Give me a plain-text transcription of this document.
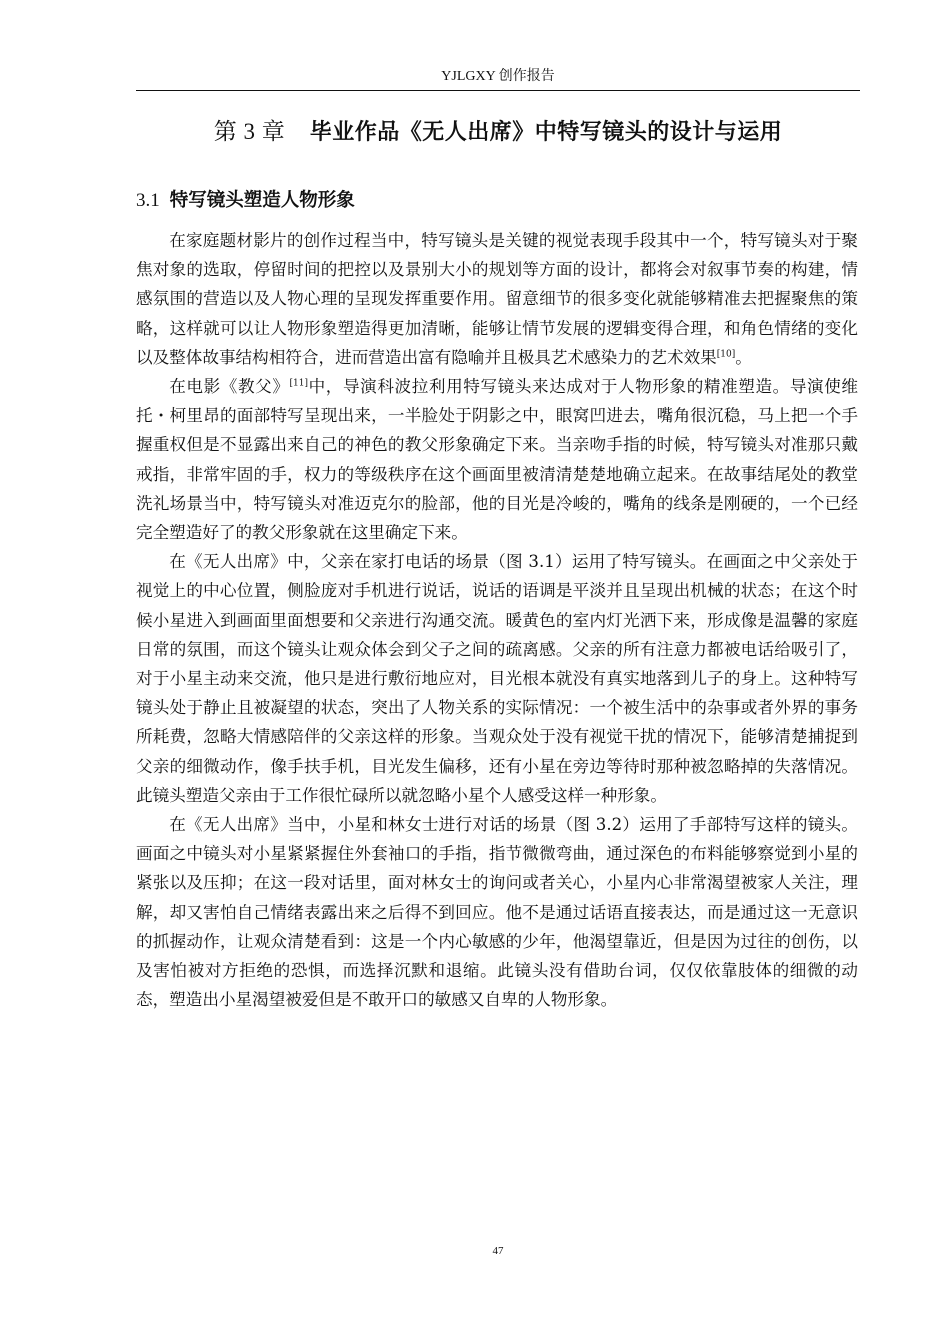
YJLGXY 创作报告
第 3 章 毕业作品《无人出席》中特写镜头的设计与运用
3.1 特写镜头塑造人物形象

在家庭题材影片的创作过程当中，特写镜头是关键的视觉表现手段其中一个，特写镜头对于聚焦对象的选取，停留时间的把控以及景别大小的规划等方面的设计，都将会对叙事节奏的构建，情感氛围的营造以及人物心理的呈现发挥重要作用。留意细节的很多变化就能够精准去把握聚焦的策略，这样就可以让人物形象塑造得更加清晰，能够让情节发展的逻辑变得合理，和角色情绪的变化以及整体故事结构相符合，进而营造出富有隐喻并且极具艺术感染力的艺术效果[10]。

在电影《教父》[11]中，导演科波拉利用特写镜头来达成对于人物形象的精准塑造。导演使维托・柯里昂的面部特写呈现出来，一半脸处于阴影之中，眼窝凹进去，嘴角很沉稳，马上把一个手握重权但是不显露出来自己的神色的教父形象确定下来。当亲吻手指的时候，特写镜头对准那只戴戒指，非常牢固的手，权力的等级秩序在这个画面里被清清楚楚地确立起来。在故事结尾处的教堂洗礼场景当中，特写镜头对准迈克尔的脸部，他的目光是冷峻的，嘴角的线条是刚硬的，一个已经完全塑造好了的教父形象就在这里确定下来。

在《无人出席》中，父亲在家打电话的场景（图 3.1）运用了特写镜头。在画面之中父亲处于视觉上的中心位置，侧脸庞对手机进行说话，说话的语调是平淡并且呈现出机械的状态；在这个时候小星进入到画面里面想要和父亲进行沟通交流。暖黄色的室内灯光洒下来，形成像是温馨的家庭日常的氛围，而这个镜头让观众体会到父子之间的疏离感。父亲的所有注意力都被电话给吸引了，对于小星主动来交流，他只是进行敷衍地应对，目光根本就没有真实地落到儿子的身上。这种特写镜头处于静止且被凝望的状态，突出了人物关系的实际情况：一个被生活中的杂事或者外界的事务所耗费，忽略大情感陪伴的父亲这样的形象。当观众处于没有视觉干扰的情况下，能够清楚捕捉到父亲的细微动作，像手扶手机，目光发生偏移，还有小星在旁边等待时那种被忽略掉的失落情况。此镜头塑造父亲由于工作很忙碌所以就忽略小星个人感受这样一种形象。

在《无人出席》当中，小星和林女士进行对话的场景（图 3.2）运用了手部特写这样的镜头。画面之中镜头对小星紧紧握住外套袖口的手指，指节微微弯曲，通过深色的布料能够察觉到小星的紧张以及压抑；在这一段对话里，面对林女士的询问或者关心，小星内心非常渴望被家人关注，理解，却又害怕自己情绪表露出来之后得不到回应。他不是通过话语直接表达，而是通过这一无意识的抓握动作，让观众清楚看到：这是一个内心敏感的少年，他渴望靠近，但是因为过往的创伤，以及害怕被对方拒绝的恐惧，而选择沉默和退缩。此镜头没有借助台词，仅仅依靠肢体的细微的动态，塑造出小星渴望被爱但是不敢开口的敏感又自卑的人物形象。

47
